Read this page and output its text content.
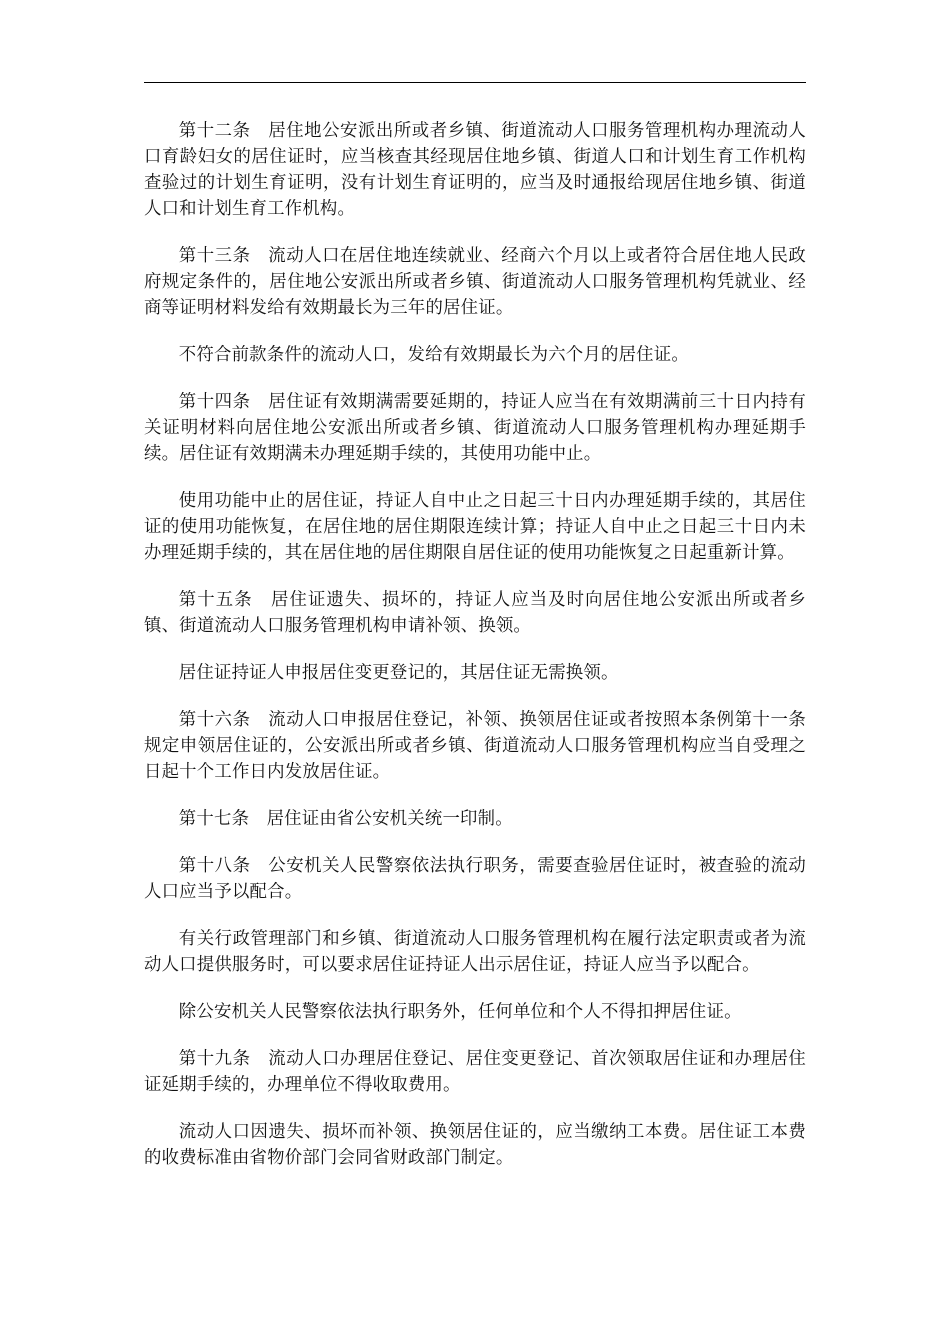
第十二条 居住地公安派出所或者乡镇、街道流动人口服务管理机构办理流动人口育龄妇女的居住证时，应当核查其经现居住地乡镇、街道人口和计划生育工作机构查验过的计划生育证明，没有计划生育证明的，应当及时通报给现居住地乡镇、街道人口和计划生育工作机构。

第十三条 流动人口在居住地连续就业、经商六个月以上或者符合居住地人民政府规定条件的，居住地公安派出所或者乡镇、街道流动人口服务管理机构凭就业、经商等证明材料发给有效期最长为三年的居住证。

不符合前款条件的流动人口，发给有效期最长为六个月的居住证。

第十四条 居住证有效期满需要延期的，持证人应当在有效期满前三十日内持有关证明材料向居住地公安派出所或者乡镇、街道流动人口服务管理机构办理延期手续。居住证有效期满未办理延期手续的，其使用功能中止。

使用功能中止的居住证，持证人自中止之日起三十日内办理延期手续的，其居住证的使用功能恢复，在居住地的居住期限连续计算；持证人自中止之日起三十日内未办理延期手续的，其在居住地的居住期限自居住证的使用功能恢复之日起重新计算。

第十五条 居住证遗失、损坏的，持证人应当及时向居住地公安派出所或者乡镇、街道流动人口服务管理机构申请补领、换领。

居住证持证人申报居住变更登记的，其居住证无需换领。

第十六条 流动人口申报居住登记，补领、换领居住证或者按照本条例第十一条规定申领居住证的，公安派出所或者乡镇、街道流动人口服务管理机构应当自受理之日起十个工作日内发放居住证。

第十七条 居住证由省公安机关统一印制。

第十八条 公安机关人民警察依法执行职务，需要查验居住证时，被查验的流动人口应当予以配合。

有关行政管理部门和乡镇、街道流动人口服务管理机构在履行法定职责或者为流动人口提供服务时，可以要求居住证持证人出示居住证，持证人应当予以配合。

除公安机关人民警察依法执行职务外，任何单位和个人不得扣押居住证。

第十九条 流动人口办理居住登记、居住变更登记、首次领取居住证和办理居住证延期手续的，办理单位不得收取费用。

流动人口因遗失、损坏而补领、换领居住证的，应当缴纳工本费。居住证工本费的收费标准由省物价部门会同省财政部门制定。
